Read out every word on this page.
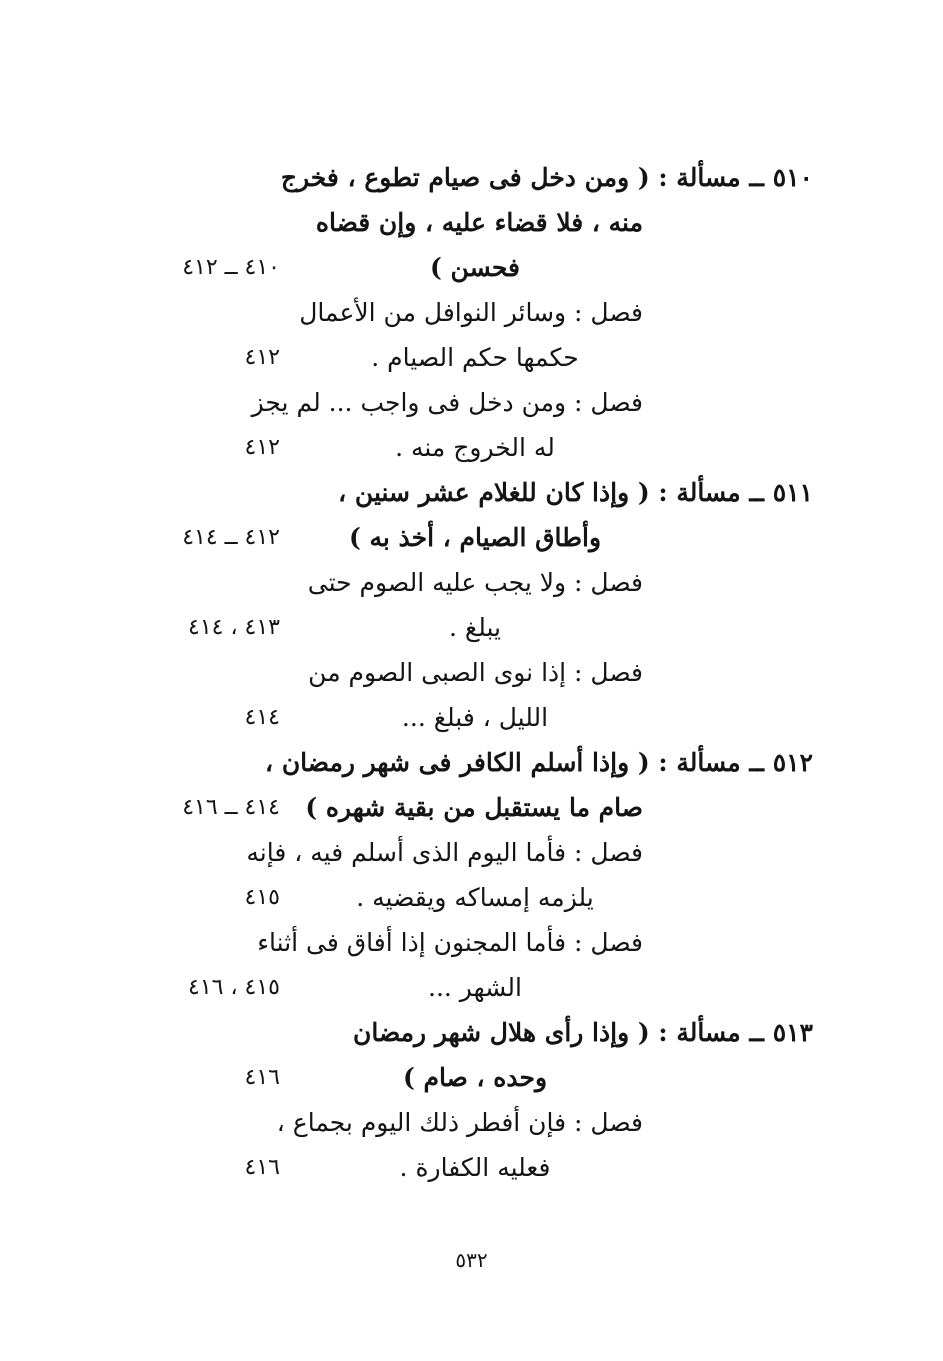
٥١٠ ــ مسألة : ( ومن دخل فى صيام تطوع ، فخرج
منه ، فلا قضاء عليه ، وإن قضاه
فحسن )
٤١٠ ــ ٤١٢
فصل : وسائر النوافل من الأعمال
حكمها حكم الصيام .
٤١٢
فصل : ومن دخل فى واجب ... لم يجز
له الخروج منه .
٤١٢
٥١١ ــ مسألة : ( وإذا كان للغلام عشر سنين ،
وأطاق الصيام ، أخذ به )
٤١٢ ــ ٤١٤
فصل : ولا يجب عليه الصوم حتى
يبلغ .
٤١٣ ، ٤١٤
فصل : إذا نوى الصبى الصوم من
الليل ، فبلغ ...
٤١٤
٥١٢ ــ مسألة : ( وإذا أسلم الكافر فى شهر رمضان ،
صام ما يستقبل من بقية شهره )
٤١٤ ــ ٤١٦
فصل : فأما اليوم الذى أسلم فيه ، فإنه
يلزمه إمساكه ويقضيه .
٤١٥
فصل : فأما المجنون إذا أفاق فى أثناء
الشهر ...
٤١٥ ، ٤١٦
٥١٣ ــ مسألة : ( وإذا رأى هلال شهر رمضان
وحده ، صام )
٤١٦
فصل : فإن أفطر ذلك اليوم بجماع ،
فعليه الكفارة .
٤١٦
٥٣٢
